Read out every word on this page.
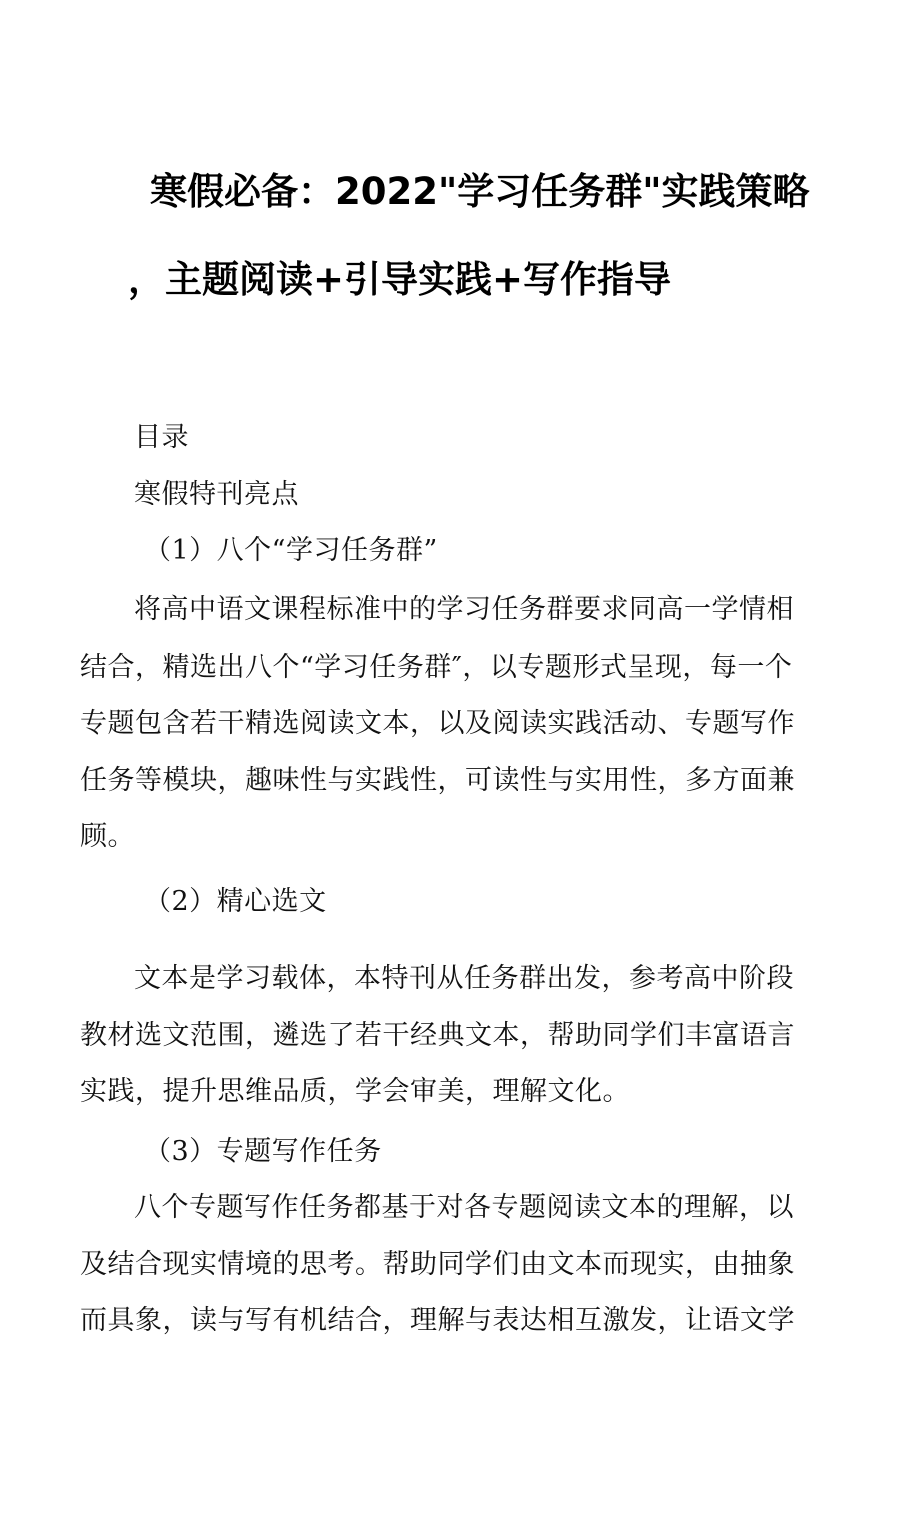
寒假必备：2022"学习任务群"实践策略
，主题阅读+引导实践+写作指导
目录
寒假特刊亮点
（1）八个“学习任务群”
将高中语文课程标准中的学习任务群要求同高一学情相
结合，精选出八个“学习任务群″，以专题形式呈现，每一个
专题包含若干精选阅读文本，以及阅读实践活动、专题写作
任务等模块，趣味性与实践性，可读性与实用性，多方面兼
顾。
（2）精心选文
文本是学习载体，本特刊从任务群出发，参考高中阶段
教材选文范围，遴选了若干经典文本，帮助同学们丰富语言
实践，提升思维品质，学会审美，理解文化。
（3）专题写作任务
八个专题写作任务都基于对各专题阅读文本的理解，以
及结合现实情境的思考。帮助同学们由文本而现实，由抽象
而具象，读与写有机结合，理解与表达相互激发，让语文学
